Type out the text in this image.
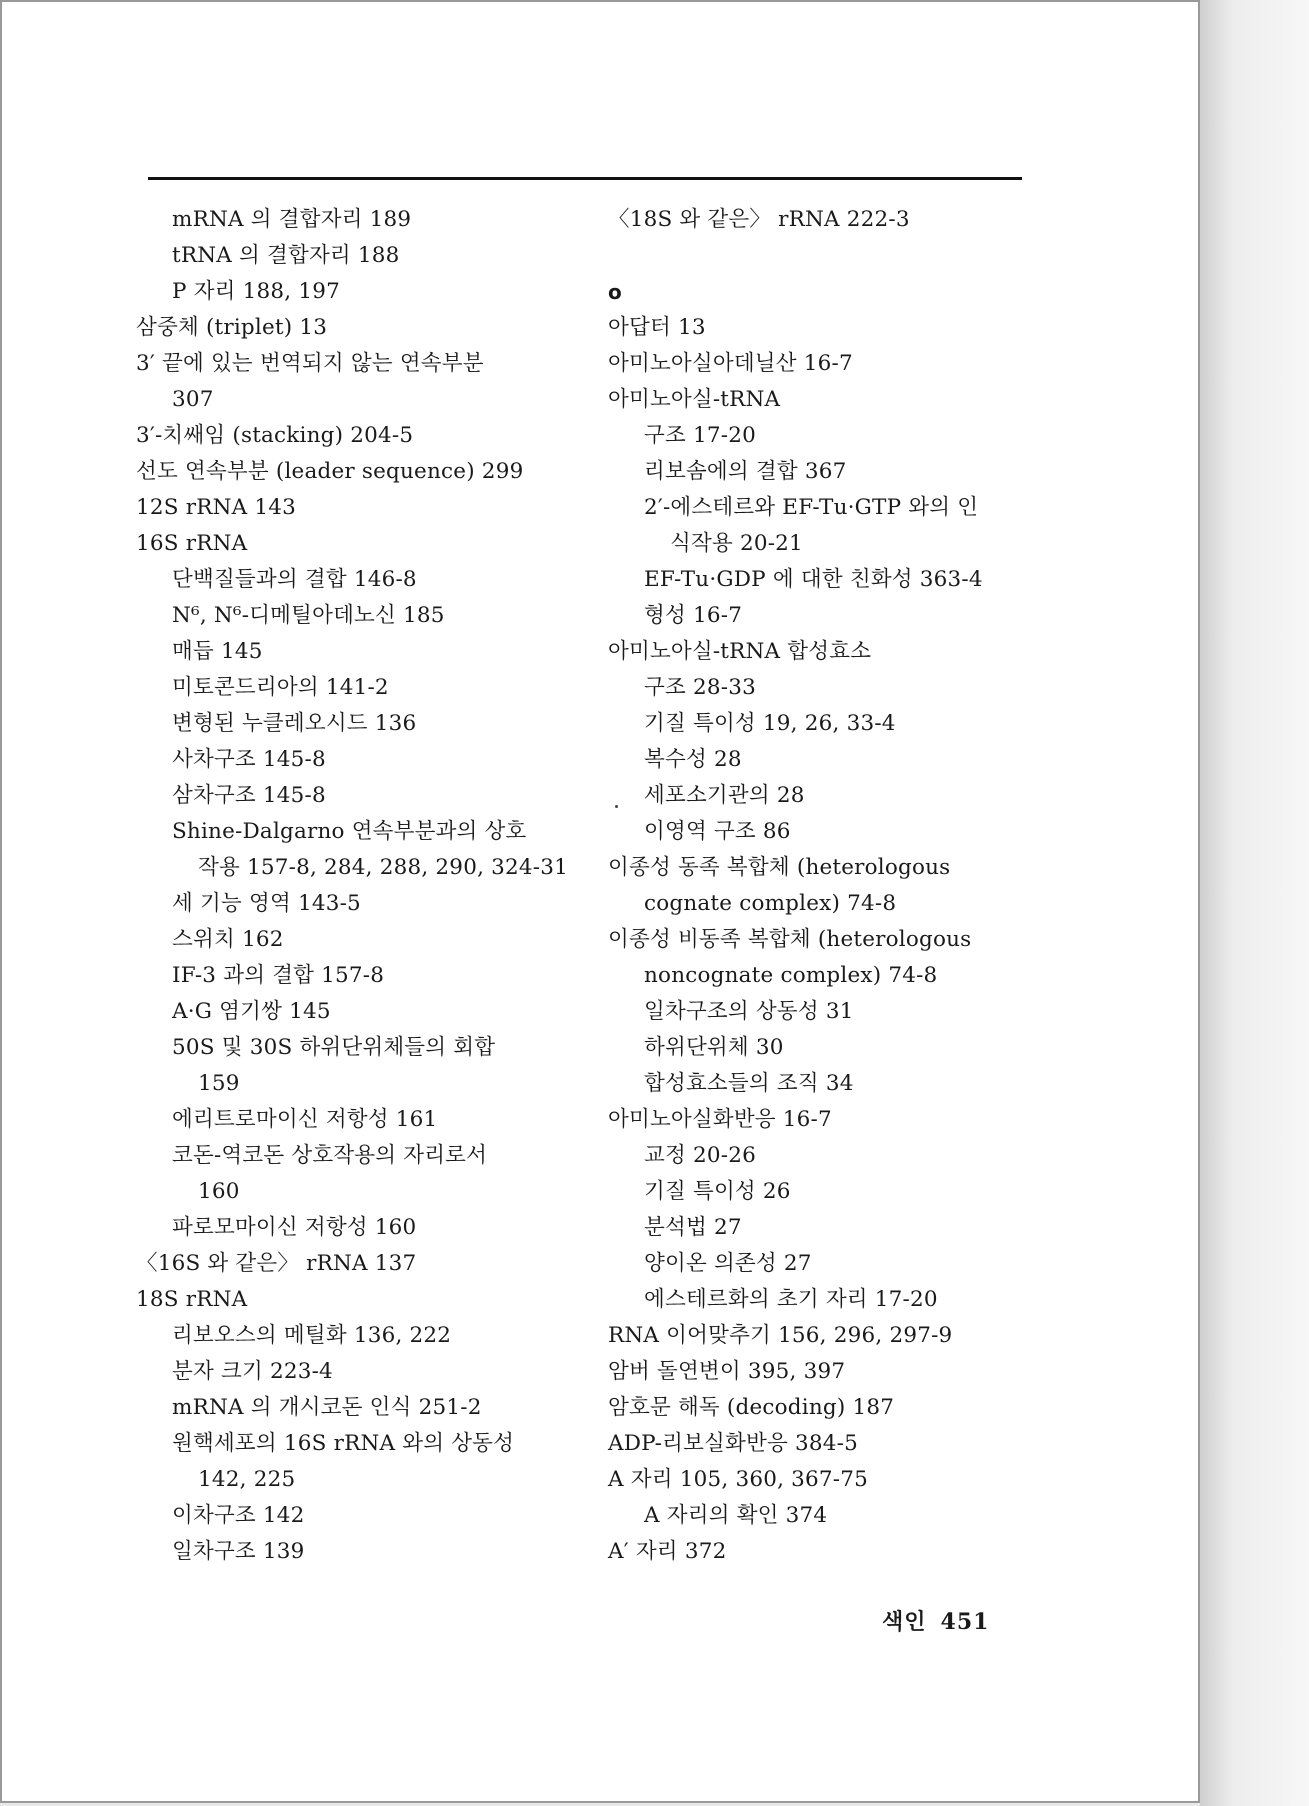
mRNA 의 결합자리 189
tRNA 의 결합자리 188
P 자리 188, 197
삼중체 (triplet) 13
3′ 끝에 있는 번역되지 않는 연속부분
307
3′-치쌔임 (stacking) 204-5
선도 연속부분 (leader sequence) 299
12S rRNA 143
16S rRNA
단백질들과의 결합 146-8
N⁶, N⁶-디메틸아데노신 185
매듭 145
미토콘드리아의 141-2
변형된 누클레오시드 136
사차구조 145-8
삼차구조 145-8
Shine-Dalgarno 연속부분과의 상호
작용 157-8, 284, 288, 290, 324-31
세 기능 영역 143-5
스위치 162
IF-3 과의 결합 157-8
A·G 염기쌍 145
50S 및 30S 하위단위체들의 회합
159
에리트로마이신 저항성 161
코돈-역코돈 상호작용의 자리로서
160
파로모마이신 저항성 160
〈16S 와 같은〉 rRNA 137
18S rRNA
리보오스의 메틸화 136, 222
분자 크기 223-4
mRNA 의 개시코돈 인식 251-2
원핵세포의 16S rRNA 와의 상동성
142, 225
이차구조 142
일차구조 139
〈18S 와 같은〉 rRNA 222-3
o
아답터 13
아미노아실아데닐산 16-7
아미노아실-tRNA
구조 17-20
리보솜에의 결합 367
2′-에스테르와 EF-Tu·GTP 와의 인
식작용 20-21
EF-Tu·GDP 에 대한 친화성 363-4
형성 16-7
아미노아실-tRNA 합성효소
구조 28-33
기질 특이성 19, 26, 33-4
복수성 28
세포소기관의 28
이영역 구조 86
이종성 동족 복합체 (heterologous
cognate complex) 74-8
이종성 비동족 복합체 (heterologous
noncognate complex) 74-8
일차구조의 상동성 31
하위단위체 30
합성효소들의 조직 34
아미노아실화반응 16-7
교정 20-26
기질 특이성 26
분석법 27
양이온 의존성 27
에스테르화의 초기 자리 17-20
RNA 이어맞추기 156, 296, 297-9
암버 돌연변이 395, 397
암호문 해독 (decoding) 187
ADP-리보실화반응 384-5
A 자리 105, 360, 367-75
A 자리의 확인 374
A′ 자리 372
색인 451
